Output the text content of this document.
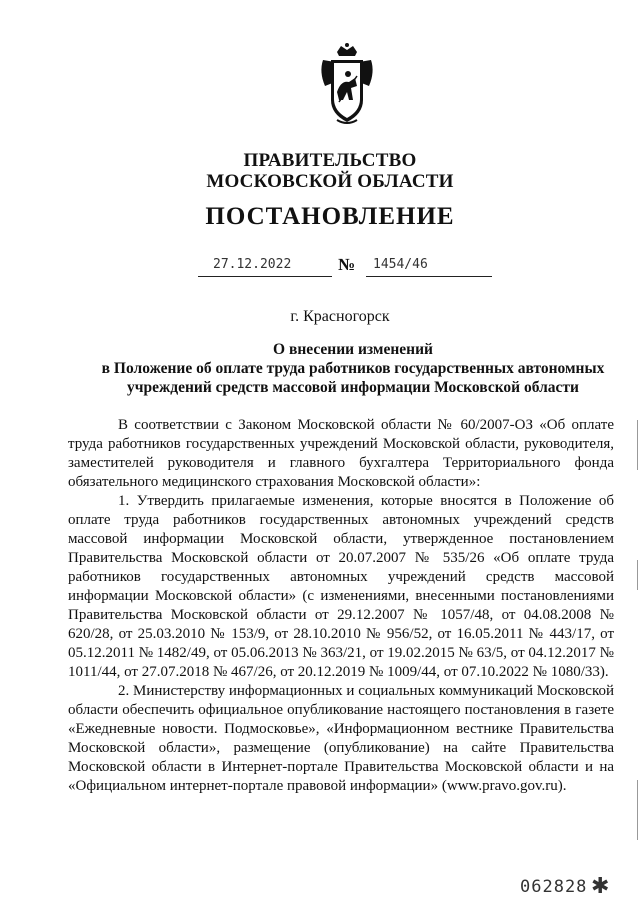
ПРАВИТЕЛЬСТВО
МОСКОВСКОЙ ОБЛАСТИ
ПОСТАНОВЛЕНИЕ
27.12.2022	№ 1454/46
г. Красногорск
О внесении изменений
в Положение об оплате труда работников государственных автономных
учреждений средств массовой информации Московской области

В соответствии с Законом Московской области № 60/2007-ОЗ «Об оплате труда работников государственных учреждений Московской области, руководителя, заместителей руководителя и главного бухгалтера Территориального фонда обязательного медицинского страхования Московской области»:

1. Утвердить прилагаемые изменения, которые вносятся в Положение об оплате труда работников государственных автономных учреждений средств массовой информации Московской области, утвержденное постановлением Правительства Московской области от 20.07.2007 № 535/26 «Об оплате труда работников государственных автономных учреждений средств массовой информации Московской области» (с изменениями, внесенными постановлениями Правительства Московской области от 29.12.2007 № 1057/48, от 04.08.2008 № 620/28, от 25.03.2010 № 153/9, от 28.10.2010 № 956/52, от 16.05.2011 № 443/17, от 05.12.2011 № 1482/49, от 05.06.2013 № 363/21, от 19.02.2015 № 63/5, от 04.12.2017 № 1011/44, от 27.07.2018 № 467/26, от 20.12.2019 № 1009/44, от 07.10.2022 № 1080/33).

2. Министерству информационных и социальных коммуникаций Московской области обеспечить официальное опубликование настоящего постановления в газете «Ежедневные новости. Подмосковье», «Информационном вестнике Правительства Московской области», размещение (опубликование) на сайте Правительства Московской области в Интернет-портале Правительства Московской области и на «Официальном интернет-портале правовой информации» (www.pravo.gov.ru).

062828 ✱
